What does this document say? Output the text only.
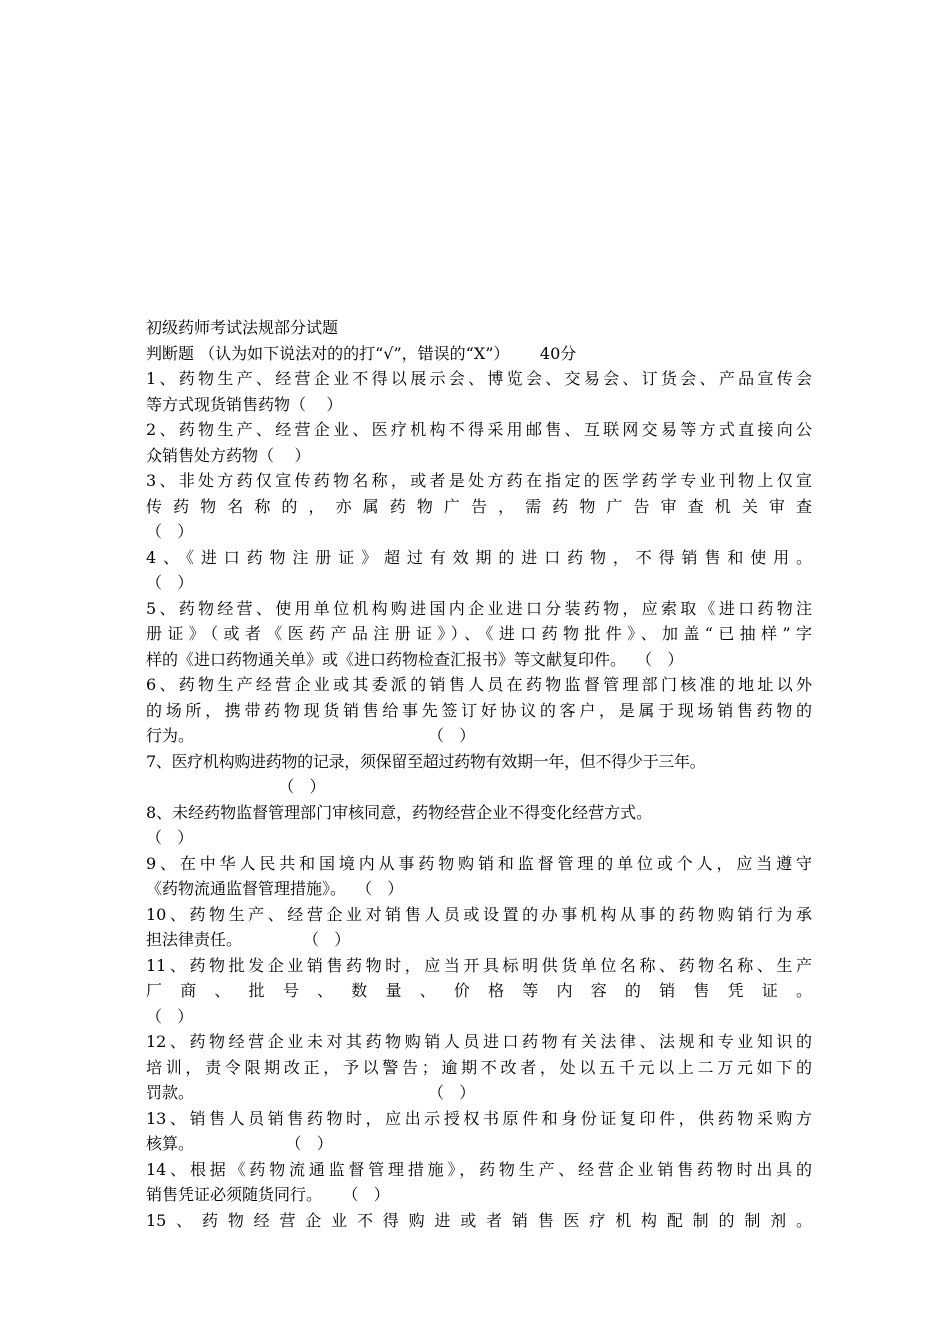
初级药师考试法规部分试题
判断题 （认为如下说法对的的打“√”，错误的“X”）      40分
1、药物生产、经营企业不得以展示会、博览会、交易会、订货会、产品宣传会
等方式现货销售药物（    ）
2、药物生产、经营企业、医疗机构不得采用邮售、互联网交易等方式直接向公
众销售处方药物（    ）
3、非处方药仅宣传药物名称，或者是处方药在指定的医学药学专业刊物上仅宣
传药物名称的，亦属药物广告，需药物广告审查机关审查
（   ）
4、《进口药物注册证》超过有效期的进口药物，不得销售和使用。
（   ）
5、药物经营、使用单位机构购进国内企业进口分装药物，应索取《进口药物注
册证》（或者《医药产品注册证》）、《进口药物批件》、加盖“已抽样”字
样的《进口药物通关单》或《进口药物检查汇报书》等文献复印件。  （   ）
6、药物生产经营企业或其委派的销售人员在药物监督管理部门核准的地址以外
的场所，携带药物现货销售给事先签订好协议的客户，是属于现场销售药物的
行为。                                              （   ）
7、医疗机构购进药物的记录，须保留至超过药物有效期一年，但不得少于三年。
（   ）
8、未经药物监督管理部门审核同意，药物经营企业不得变化经营方式。
（   ）
9、在中华人民共和国境内从事药物购销和监督管理的单位或个人，应当遵守
《药物流通监督管理措施》。  （   ）
10、药物生产、经营企业对销售人员或设置的办事机构从事的药物购销行为承
担法律责任。            （   ）
11、药物批发企业销售药物时，应当开具标明供货单位名称、药物名称、生产
厂商、批号、数量、价格等内容的销售凭证。
（   ）
12、药物经营企业未对其药物购销人员进口药物有关法律、法规和专业知识的
培训，责令限期改正，予以警告；逾期不改者，处以五千元以上二万元如下的
罚款。                                              （   ）
13、销售人员销售药物时，应出示授权书原件和身份证复印件，供药物采购方
核算。                  （   ）
14、根据《药物流通监督管理措施》，药物生产、经营企业销售药物时出具的
销售凭证必须随货同行。    （   ）
15、药物经营企业不得购进或者销售医疗机构配制的制剂。
